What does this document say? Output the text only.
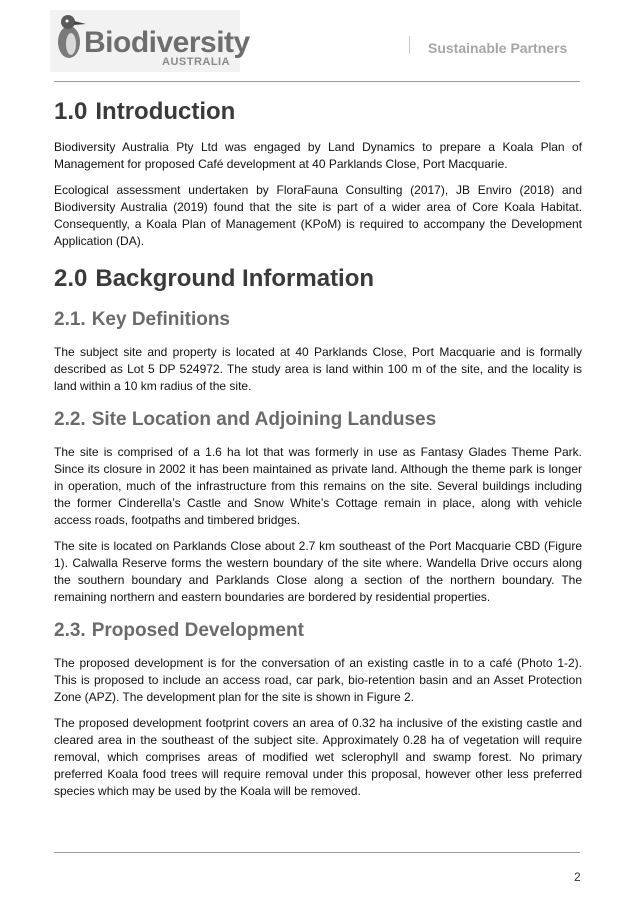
Biodiversity
AUSTRALIA
Sustainable Partners
1.0 Introduction

Biodiversity Australia Pty Ltd was engaged by Land Dynamics to prepare a Koala Plan of Management for proposed Café development at 40 Parklands Close, Port Macquarie.

Ecological assessment undertaken by FloraFauna Consulting (2017), JB Enviro (2018) and Biodiversity Australia (2019) found that the site is part of a wider area of Core Koala Habitat. Consequently, a Koala Plan of Management (KPoM) is required to accompany the Development Application (DA).

2.0 Background Information
2.1. Key Definitions

The subject site and property is located at 40 Parklands Close, Port Macquarie and is formally described as Lot 5 DP 524972. The study area is land within 100 m of the site, and the locality is land within a 10 km radius of the site.

2.2. Site Location and Adjoining Landuses

The site is comprised of a 1.6 ha lot that was formerly in use as Fantasy Glades Theme Park. Since its closure in 2002 it has been maintained as private land. Although the theme park is longer in operation, much of the infrastructure from this remains on the site. Several buildings including the former Cinderella’s Castle and Snow White’s Cottage remain in place, along with vehicle access roads, footpaths and timbered bridges.

The site is located on Parklands Close about 2.7 km southeast of the Port Macquarie CBD (Figure 1). Calwalla Reserve forms the western boundary of the site where. Wandella Drive occurs along the southern boundary and Parklands Close along a section of the northern boundary. The remaining northern and eastern boundaries are bordered by residential properties.

2.3. Proposed Development

The proposed development is for the conversation of an existing castle in to a café (Photo 1-2). This is proposed to include an access road, car park, bio-retention basin and an Asset Protection Zone (APZ). The development plan for the site is shown in Figure 2.

The proposed development footprint covers an area of 0.32 ha inclusive of the existing castle and cleared area in the southeast of the subject site. Approximately 0.28 ha of vegetation will require removal, which comprises areas of modified wet sclerophyll and swamp forest. No primary preferred Koala food trees will require removal under this proposal, however other less preferred species which may be used by the Koala will be removed.

2
